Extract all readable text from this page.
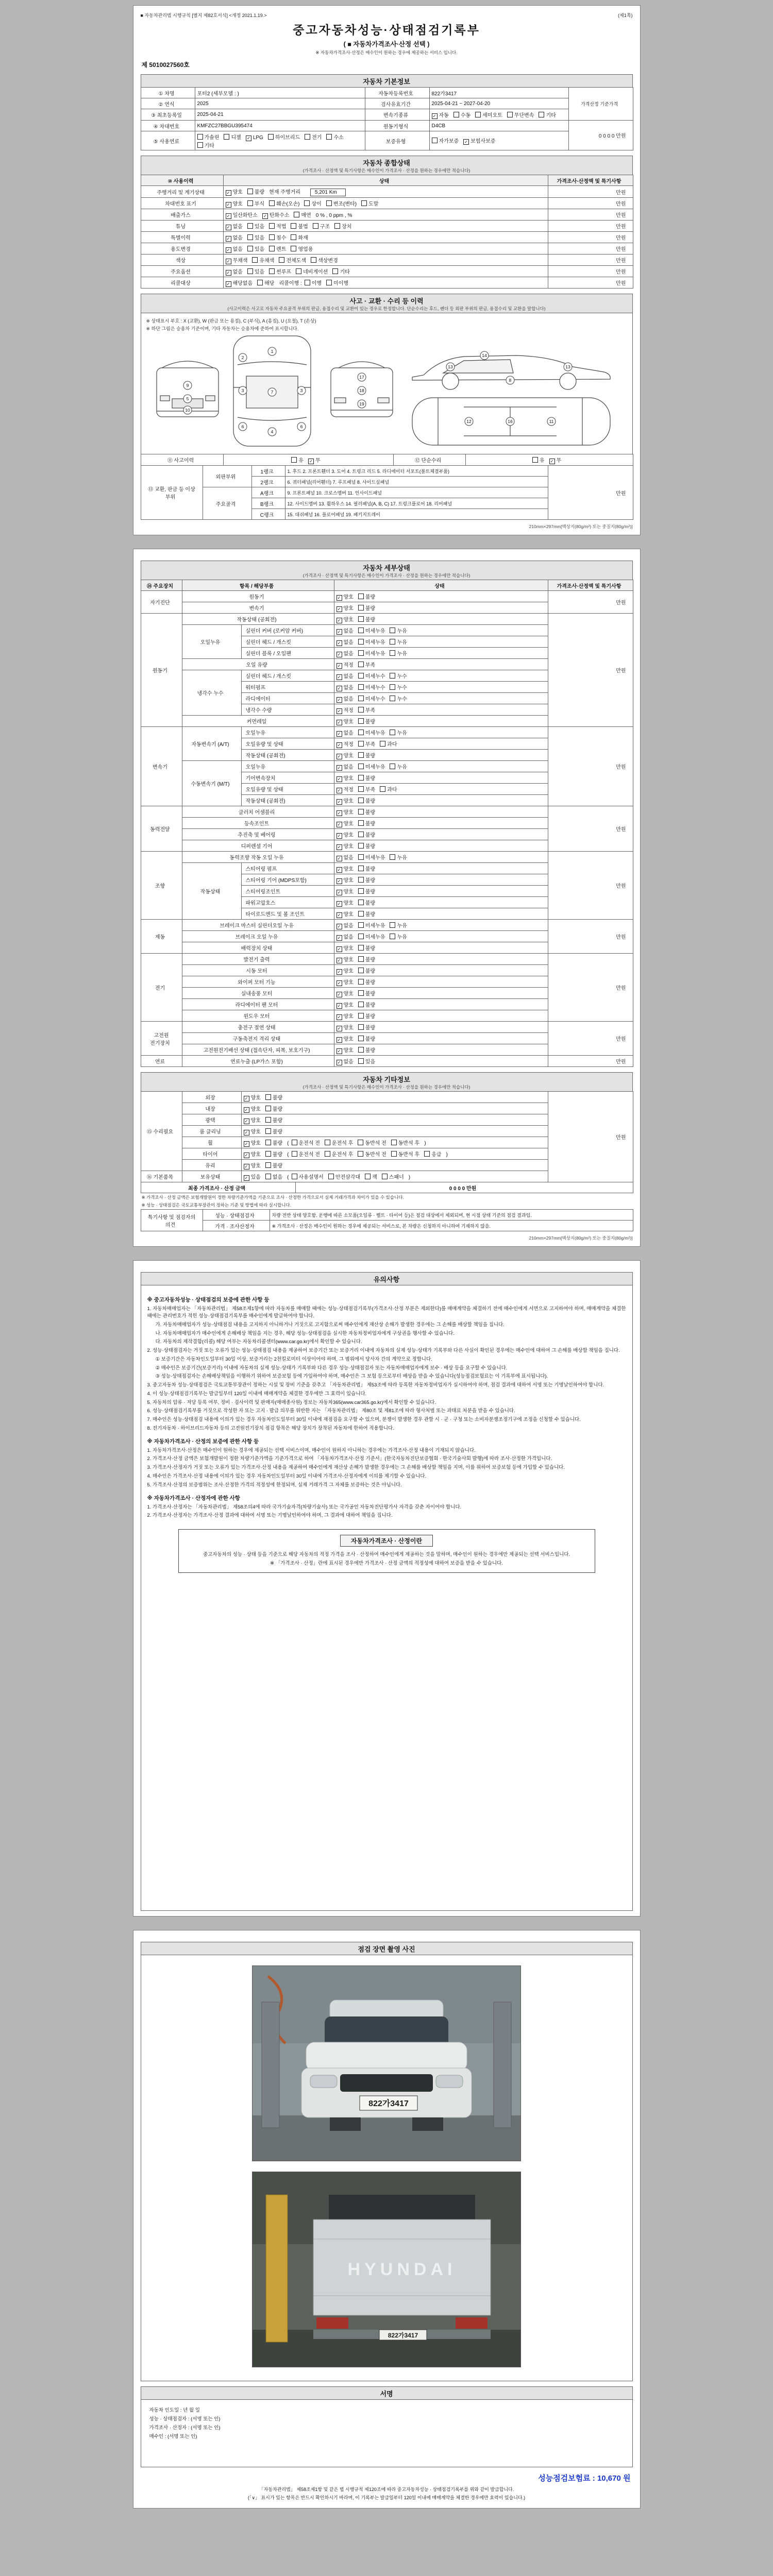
■ 자동차관리법 시행규칙 [별지 제82호서식] <개정 2021.1.19.>	(제1쪽)
중고자동차성능·상태점검기록부
( ■ 자동차가격조사·산정 선택 )
※ 자동차가격조사·산정은 매수인이 원하는 경우에 제공하는 서비스 입니다.
제 5010027560호
자동차 기본정보
① 차명	포터2 (세부모델 : )	자동차등록번호	822가3417	가격산정 기준가격
② 연식	2025	검사유효기간	2025-04-21 ~ 2027-04-20	
③ 최초등록일	2025-04-21	변속기종류	✓ 자동 수동 세미오토 무단변속 기타	
④ 차대번호	KMFZC27BBGU395474	원동기형식	D4CB	0 0 0 0 만원
⑤ 사용연료	가솔린 디젤 ✓ LPG 하이브리드 전기 수소기타	보증유형	자가보증 ✓ 보험사보증	
자동차 종합상태
(가격조사 · 산정액 및 특기사항은 매수인이 가격조사 · 산정을 원하는 경우에만 적습니다)
⑩ 사용이력	상태	가격조사·산정액 및 특기사항
주행거리 및 계기상태	✓ 양호 불량 현재 주행거리 5,201 Km	만원
차대번호 표기	✓ 양호 부식 훼손(오손) 상이 변조(변타) 도말	만원
배출가스	✓ 일산화탄소 ✓ 탄화수소 매연 0 % , 0 ppm , %	만원
튜닝	✓ 없음 있음 적법 불법 구조 장치	만원
특별이력	✓ 없음 있음 침수 화재	만원
용도변경	✓ 없음 있음 렌트 영업용	만원
색상	✓ 무채색 유채색 전체도색 색상변경	만원
주요옵션	✓ 없음 있음 썬루프 네비게이션 기타	만원
리콜대상	✓ 해당없음 해당 리콜이행 : 이행 미이행	만원
사고 · 교환 · 수리 등 이력
(사고이력은 사고로 자동차 주요골격 부위의 판금, 용접수리 및 교환이 있는 경우로 한정합니다. 단순수리는 후드, 펜더 등 외판 부위의 판금, 용접수리 및 교환을 말합니다)
※ 상태표시 부호 : X (교환), W (판금 또는 용접), C (부식), A (흠집), U (요철), T (손상)
※ 하단 그림은 승용차 기준이며, 기타 자동차는 승용차에 준하여 표시합니다.
9
5
10
1
2
3	3
7
6	6
4
17
18
19
14
13	13
8
12	16	11
⑪ 사고이력	유 ✓ 무	⑫ 단순수리	유 ✓ 무
⑬ 교환, 판금 등 이상 부위	외판부위	1랭크	1. 후드 2. 프론트휀더 3. 도어 4. 트렁크 리드 5. 라디에이터 서포트(볼트체결부품)	만원
		2랭크	6. 쿼터패널(리어휀더) 7. 루프패널 8. 사이드실패널	
	주요골격	A랭크	9. 프론트패널 10. 크로스멤버 11. 인사이드패널	
		B랭크	12. 사이드멤버 13. 휠하우스 14. 필러패널(A, B, C) 17. 트렁크플로어 18. 리어패널	
		C랭크	15. 대쉬패널 16. 플로어패널 19. 패키지트레이	
210mm×297mm[백상지(80g/m²) 또는 중질지(80g/m²)]
자동차 세부상태
(가격조사 · 산정액 및 특기사항은 매수인이 가격조사 · 산정을 원하는 경우에만 적습니다)
⑭ 주요장치	항목 / 해당부품		상태	가격조사·산정액 및 특기사항
자기진단	원동기		✓ 양호 불량	만원
	변속기		✓ 양호 불량	
원동기	작동상태 (공회전)		✓ 양호 불량	만원
	오일누유	실린더 커버 (로커암 커버)	✓ 없음 미세누유 누유	
		실린더 헤드 / 개스킷	✓ 없음 미세누유 누유	
		실린더 블록 / 오일팬	✓ 없음 미세누유 누유	
	오일 유량		✓ 적정 부족	
	냉각수 누수	실린더 헤드 / 개스킷	✓ 없음 미세누수 누수	
		워터펌프	✓ 없음 미세누수 누수	
		라디에이터	✓ 없음 미세누수 누수	
		냉각수 수량	✓ 적정 부족	
	커먼레일		✓ 양호 불량	
변속기	자동변속기 (A/T)	오일누유	✓ 없음 미세누유 누유	만원
		오일유량 및 상태	✓ 적정 부족 과다	
		작동상태 (공회전)	✓ 양호 불량	
	수동변속기 (M/T)	오일누유	✓ 없음 미세누유 누유	
		기어변속장치	✓ 양호 불량	
		오일유량 및 상태	✓ 적정 부족 과다	
		작동상태 (공회전)	✓ 양호 불량	
동력전달	클러치 어셈블리		✓ 양호 불량	만원
	등속조인트		✓ 양호 불량	
	추진축 및 베어링		✓ 양호 불량	
	디퍼렌셜 기어		✓ 양호 불량	
조향	동력조향 작동 오일 누유		✓ 없음 미세누유 누유	만원
	작동상태	스티어링 펌프	✓ 양호 불량	
		스티어링 기어 (MDPS포함)	✓ 양호 불량	
		스티어링조인트	✓ 양호 불량	
		파워고압호스	✓ 양호 불량	
		타이로드엔드 및 볼 조인트	✓ 양호 불량	
제동	브레이크 마스터 실린더오일 누유		✓ 없음 미세누유 누유	만원
	브레이크 오일 누유		✓ 없음 미세누유 누유	
	배력장치 상태		✓ 양호 불량	
전기	발전기 출력		✓ 양호 불량	만원
	시동 모터		✓ 양호 불량	
	와이퍼 모터 기능		✓ 양호 불량	
	실내송풍 모터		✓ 양호 불량	
	라디에이터 팬 모터		✓ 양호 불량	
	윈도우 모터		✓ 양호 불량	
고전원 전기장치	충전구 절연 상태		✓ 양호 불량	만원
	구동축전지 격리 상태		✓ 양호 불량	
	고전원전기배선 상태 (접속단자, 피복, 보호기구)		✓ 양호 불량	
연료	연료누출 (LP가스 포함)		✓ 없음 있음	만원
자동차 기타정보
(가격조사 · 산정액 및 특기사항은 매수인이 가격조사 · 산정을 원하는 경우에만 적습니다)
⑮ 수리필요	외장	✓ 양호 불량	만원
	내장	✓ 양호 불량	
	광택	✓ 양호 불량	
	룸 클리닝	✓ 양호 불량	
	휠	✓ 양호 불량 ( 운전석 전 운전석 후 동반석 전 동반석 후 )	
	타이어	✓ 양호 불량 ( 운전석 전 운전석 후 동반석 전 동반석 후 응급 )	
	유리	✓ 양호 불량	
⑯ 기본품목	보유상태	✓ 있음 없음 ( 사용설명서 안전삼각대 잭 스패너 )	
최종 가격조사 · 산정 금액	0 0 0 0 만원
※ 가격조사 · 산정 금액은 보험개발원이 정한 차량기준가액을 기준으로 조사 · 산정한 가격으로서 실제 거래가격과 차이가 있을 수 있습니다.
※ 성능 · 상태점검은 국토교통부장관이 정하는 기준 및 방법에 따라 실시합니다.
특기사항 및 점검자의 의견	성능 · 상태점검자	차량 전반 상태 양호함. 운행에 따른 소모품(오일류 · 벨트 · 타이어 등)은 점검 대상에서 제외되며, 현 시점 상태 기준의 점검 결과임.
	가격 · 조사산정자	※ 가격조사 · 산정은 매수인이 원하는 경우에 제공되는 서비스로, 본 차량은 신청하지 아니하여 기재하지 않음.
210mm×297mm[백상지(80g/m²) 또는 중질지(80g/m²)]
유의사항
※ 중고자동차성능 · 상태점검의 보증에 관한 사항 등
1. 자동차매매업자는 「자동차관리법」 제58조제1항에 따라 자동차를 매매할 때에는 성능·상태점검기록부(가격조사·산정 부분은 제외한다)를 매매계약을 체결하기 전에 매수인에게 서면으로 고지하여야 하며, 매매계약을 체결한 때에는 관리번호가 적힌 성능·상태점검기록부를 매수인에게 발급하여야 합니다.
가. 자동차매매업자가 성능·상태점검 내용을 고지하지 아니하거나 거짓으로 고지함으로써 매수인에게 재산상 손해가 발생한 경우에는 그 손해를 배상할 책임을 집니다.
나. 자동차매매업자가 매수인에게 손해배상 책임을 지는 경우, 해당 성능·상태점검을 실시한 자동차정비업자에게 구상권을 행사할 수 있습니다.
다. 자동차의 제작결함(리콜) 해당 여부는 자동차리콜센터(www.car.go.kr)에서 확인할 수 있습니다.
2. 성능·상태점검자는 거짓 또는 오류가 있는 성능·상태점검 내용을 제공하여 보증기간 또는 보증거리 이내에 자동차의 실제 성능·상태가 기록부와 다른 사실이 확인된 경우에는 매수인에 대하여 그 손해를 배상할 책임을 집니다.
① 보증기간은 자동차인도일부터 30일 이상, 보증거리는 2천킬로미터 이상이어야 하며, 그 범위에서 당사자 간의 계약으로 정합니다.
② 매수인은 보증기간(보증거리) 이내에 자동차의 실제 성능·상태가 기록부와 다른 경우 성능·상태점검자 또는 자동차매매업자에게 보수 · 배상 등을 요구할 수 있습니다.
③ 성능·상태점검자는 손해배상책임을 이행하기 위하여 보증보험 등에 가입하여야 하며, 매수인은 그 보험 등으로부터 배상을 받을 수 있습니다(성능점검보험료는 이 기록부에 표시됩니다).
3. 중고자동차 성능·상태점검은 국토교통부장관이 정하는 시설 및 장비 기준을 갖추고 「자동차관리법」 제53조에 따라 등록한 자동차정비업자가 실시하여야 하며, 점검 결과에 대하여 서명 또는 기명날인하여야 합니다.
4. 이 성능·상태점검기록부는 발급일부터 120일 이내에 매매계약을 체결한 경우에만 그 효력이 있습니다.
5. 자동차의 압류 · 저당 등록 여부, 정비 · 검사이력 및 판매자(매매종사원) 정보는 자동차365(www.car365.go.kr)에서 확인할 수 있습니다.
6. 성능·상태점검기록부를 거짓으로 작성한 자 또는 고지 · 발급 의무를 위반한 자는 「자동차관리법」 제80조 및 제81조에 따라 형사처벌 또는 과태료 처분을 받을 수 있습니다.
7. 매수인은 성능·상태점검 내용에 이의가 있는 경우 자동차인도일부터 30일 이내에 재점검을 요구할 수 있으며, 분쟁이 발생한 경우 관할 시 · 군 · 구청 또는 소비자분쟁조정기구에 조정을 신청할 수 있습니다.
8. 전기자동차 · 하이브리드자동차 등의 고전원전기장치 점검 항목은 해당 장치가 장착된 자동차에 한하여 적용합니다.
※ 자동차가격조사 · 산정의 보증에 관한 사항 등
1. 자동차가격조사·산정은 매수인이 원하는 경우에 제공되는 선택 서비스이며, 매수인이 원하지 아니하는 경우에는 가격조사·산정 내용이 기재되지 않습니다.
2. 가격조사·산정 금액은 보험개발원이 정한 차량기준가액을 기준가격으로 하여 「자동차가격조사·산정 기준서」(한국자동차진단보증협회 · 한국기술사회 발행)에 따라 조사·산정한 가격입니다.
3. 가격조사·산정자가 거짓 또는 오류가 있는 가격조사·산정 내용을 제공하여 매수인에게 재산상 손해가 발생한 경우에는 그 손해를 배상할 책임을 지며, 이를 위하여 보증보험 등에 가입할 수 있습니다.
4. 매수인은 가격조사·산정 내용에 이의가 있는 경우 자동차인도일부터 30일 이내에 가격조사·산정자에게 이의를 제기할 수 있습니다.
5. 가격조사·산정의 보증범위는 조사·산정한 가격의 적정성에 한정되며, 실제 거래가격 그 자체를 보증하는 것은 아닙니다.
※ 자동차가격조사 · 산정자에 관한 사항
1. 가격조사·산정자는 「자동차관리법」 제58조의4에 따라 국가기술자격(차량기술사) 또는 국가공인 자동차진단평가사 자격을 갖춘 자이어야 합니다.
2. 가격조사·산정자는 가격조사·산정 결과에 대하여 서명 또는 기명날인하여야 하며, 그 결과에 대하여 책임을 집니다.
자동차가격조사 · 산정이란
중고자동차의 성능 · 상태 등을 기준으로 해당 자동차의 적정 가격을 조사 · 산정하여 매수인에게 제공하는 것을 말하며, 매수인이 원하는 경우에만 제공되는 선택 서비스입니다.
※ 「가격조사 · 산정」란에 표시된 경우에만 가격조사 · 산정 금액의 적정성에 대하여 보증을 받을 수 있습니다.
점검 장면 촬영 사진
822가3417
HYUNDAI
822가3417
서명
자동차 인도일 : 년 월 일
성능 · 상태점검자 : (서명 또는 인)
가격조사 · 산정자 : (서명 또는 인)
매수인 : (서명 또는 인)
성능점검보험료 : 10,670 원
「자동차관리법」 제58조제1항 및 같은 법 시행규칙 제120조에 따라 중고자동차성능 · 상태점검기록부를 위와 같이 발급합니다.
(「∨」 표시가 있는 항목은 반드시 확인하시기 바라며, 이 기록부는 발급일부터 120일 이내에 매매계약을 체결한 경우에만 효력이 있습니다.)
